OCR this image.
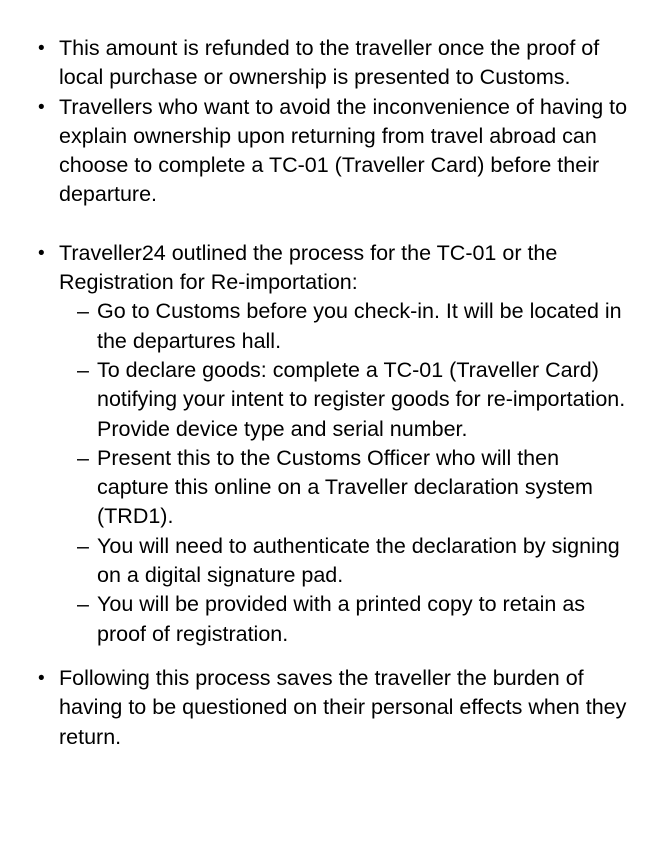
• This amount is refunded to the traveller once the proof of local purchase or ownership is presented to Customs.
• Travellers who want to avoid the inconvenience of having to explain ownership upon returning from travel abroad can choose to complete a TC-01 (Traveller Card) before their departure.
• Traveller24 outlined the process for the TC-01 or the Registration for Re-importation:
– Go to Customs before you check-in. It will be located in the departures hall.
– To declare goods: complete a TC-01 (Traveller Card) notifying your intent to register goods for re-importation. Provide device type and serial number.
– Present this to the Customs Officer who will then capture this online on a Traveller declaration system (TRD1).
– You will need to authenticate the declaration by signing on a digital signature pad.
– You will be provided with a printed copy to retain as proof of registration.
• Following this process saves the traveller the burden of having to be questioned on their personal effects when they return.
